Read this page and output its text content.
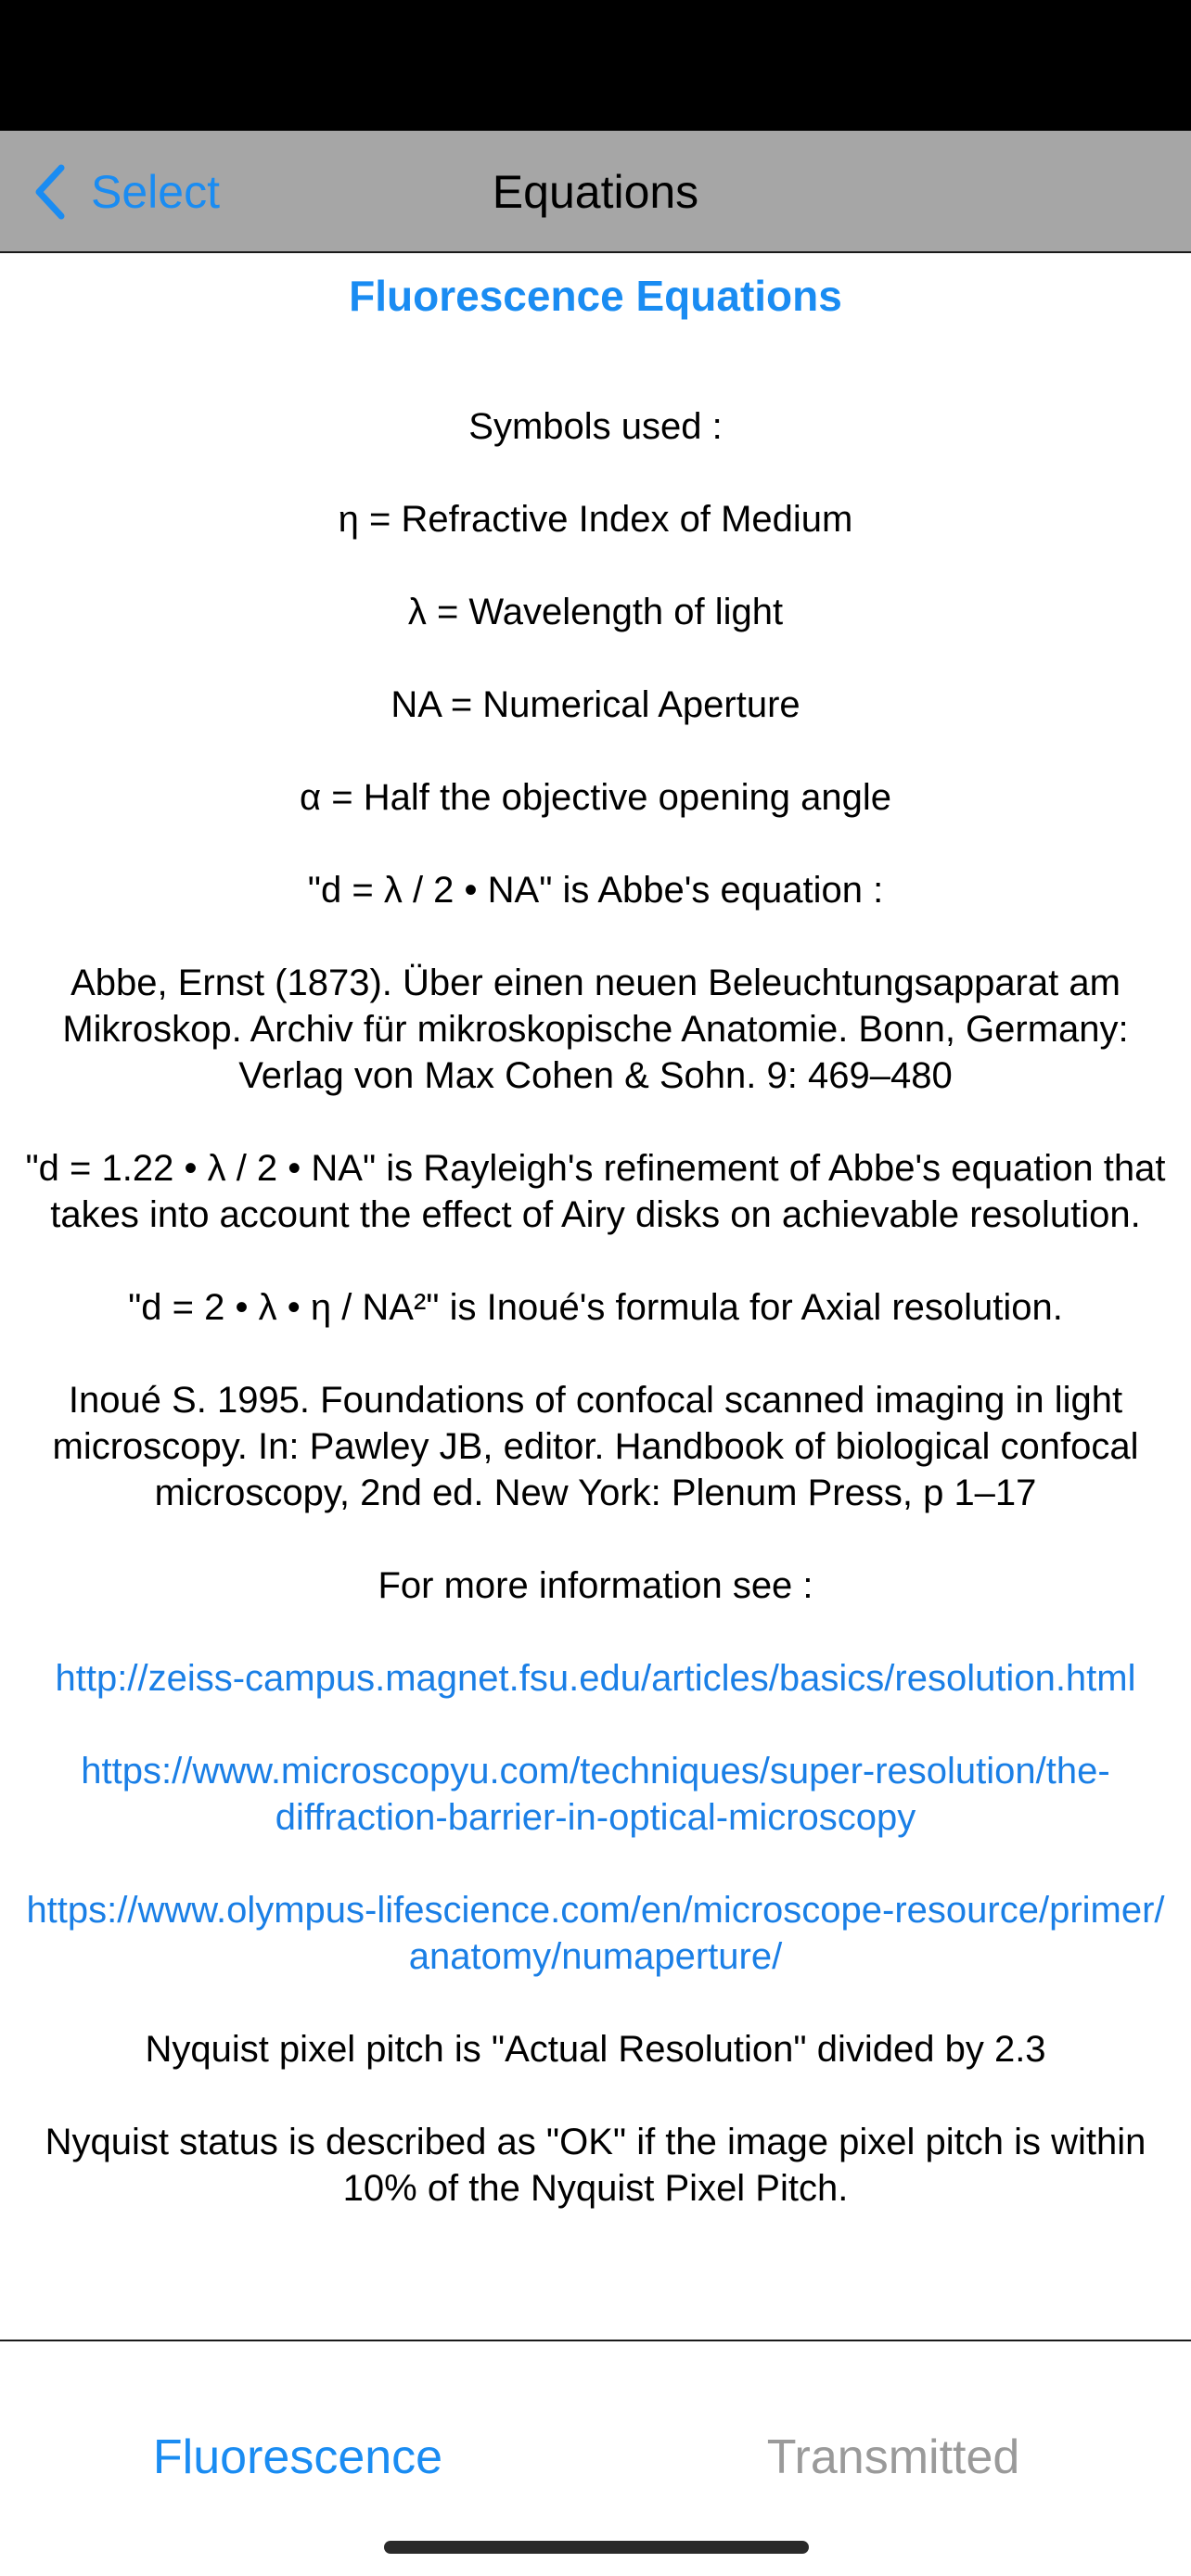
Select	Equations
Fluorescence Equations

Symbols used :

η = Refractive Index of Medium

λ = Wavelength of light

NA = Numerical Aperture

α = Half the objective opening angle

"d = λ / 2 • NA" is Abbe's equation :

Abbe, Ernst (1873). Über einen neuen Beleuchtungsapparat am Mikroskop. Archiv für mikroskopische Anatomie. Bonn, Germany: Verlag von Max Cohen & Sohn. 9: 469–480

"d = 1.22 • λ / 2 • NA" is Rayleigh's refinement of Abbe's equation that takes into account the effect of Airy disks on achievable resolution.

"d = 2 • λ • η / NA²" is Inoué's formula for Axial resolution.

Inoué S. 1995. Foundations of confocal scanned imaging in light microscopy. In: Pawley JB, editor. Handbook of biological confocal microscopy, 2nd ed. New York: Plenum Press, p 1–17

For more information see :

http://zeiss-campus.magnet.fsu.edu/articles/basics/resolution.html

https://www.microscopyu.com/techniques/super-resolution/the-diffraction-barrier-in-optical-microscopy

https://www.olympus-lifescience.com/en/microscope-resource/primer/anatomy/numaperture/

Nyquist pixel pitch is "Actual Resolution" divided by 2.3

Nyquist status is described as "OK" if the image pixel pitch is within 10% of the Nyquist Pixel Pitch.

Fluorescence	Transmitted
